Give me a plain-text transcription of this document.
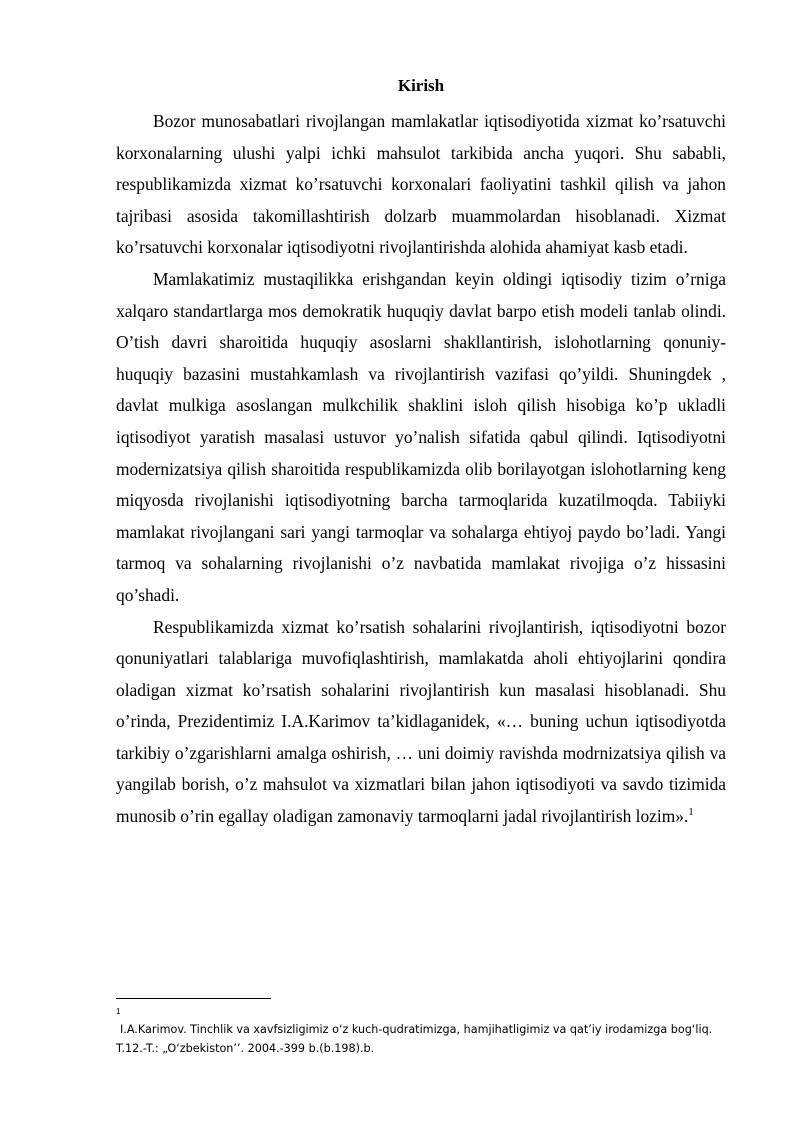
Kirish

Bozor munosabatlari rivojlangan mamlakatlar iqtisodiyotida xizmat ko’rsatuvchi korxonalarning ulushi yalpi ichki mahsulot tarkibida ancha yuqori. Shu sababli, respublikamizda xizmat ko’rsatuvchi korxonalari faoliyatini tashkil qilish va jahon tajribasi asosida takomillashtirish dolzarb muammolardan hisoblanadi. Xizmat ko’rsatuvchi korxonalar iqtisodiyotni rivojlantirishda alohida ahamiyat kasb etadi.

Mamlakatimiz mustaqilikka erishgandan keyin oldingi iqtisodiy tizim o’rniga xalqaro standartlarga mos demokratik huquqiy davlat barpo etish modeli tanlab olindi. O’tish davri sharoitida huquqiy asoslarni shakllantirish, islohotlarning qonuniy-huquqiy bazasini mustahkamlash va rivojlantirish vazifasi qo’yildi. Shuningdek , davlat mulkiga asoslangan mulkchilik shaklini isloh qilish hisobiga ko’p ukladli iqtisodiyot yaratish masalasi ustuvor yo’nalish sifatida qabul qilindi. Iqtisodiyotni modernizatsiya qilish sharoitida respublikamizda olib borilayotgan islohotlarning keng miqyosda rivojlanishi iqtisodiyotning barcha tarmoqlarida kuzatilmoqda. Tabiiyki mamlakat rivojlangani sari yangi tarmoqlar va sohalarga ehtiyoj paydo bo’ladi. Yangi tarmoq va sohalarning rivojlanishi o’z navbatida mamlakat rivojiga o’z hissasini qo’shadi.

Respublikamizda xizmat ko’rsatish sohalarini rivojlantirish, iqtisodiyotni bozor qonuniyatlari talablariga muvofiqlashtirish, mamlakatda aholi ehtiyojlarini qondira oladigan xizmat ko’rsatish sohalarini rivojlantirish kun masalasi hisoblanadi. Shu o’rinda, Prezidentimiz I.A.Karimov ta’kidlaganidek, «… buning uchun iqtisodiyotda tarkibiy o’zgarishlarni amalga oshirish, … uni doimiy ravishda modrnizatsiya qilish va yangilab borish, o’z mahsulot va xizmatlari bilan jahon iqtisodiyoti va savdo tizimida munosib o’rin egallay oladigan zamonaviy tarmoqlarni jadal rivojlantirish lozim».$^1$

1
I.A.Karimov. Tinchlik va xavfsizligimiz o‘z kuch-qudratimizga, hamjihatligimiz va qat’iy irodamizga bog‘liq. T.12.-T.: „O‘zbekiston’’. 2004.-399 b.(b.198).b.
